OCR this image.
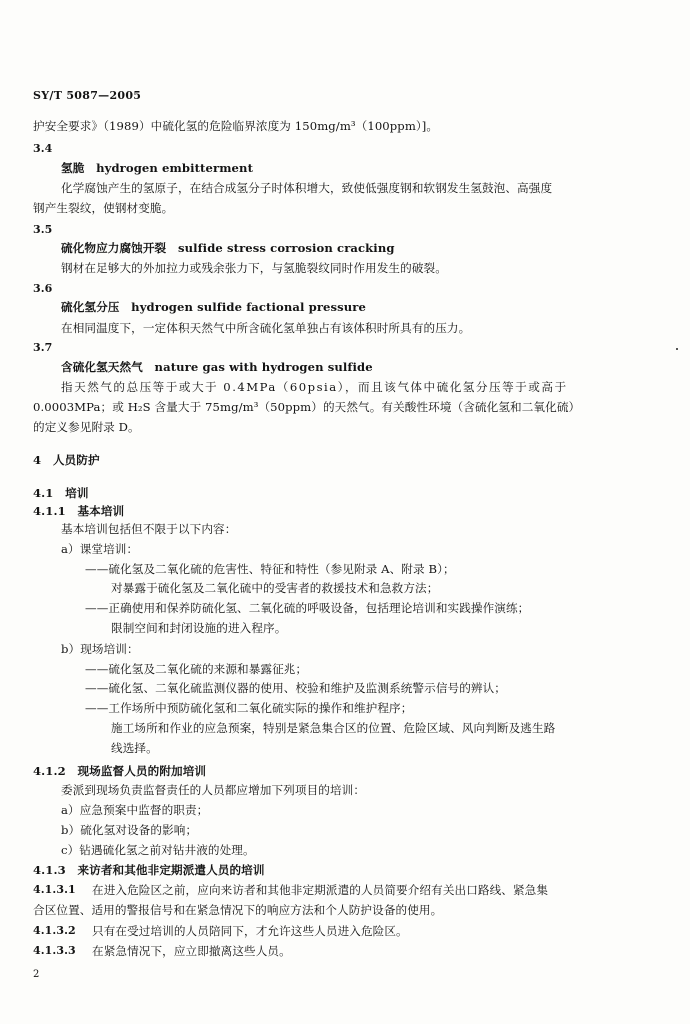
SY/T 5087—2005
护安全要求》（1989）中硫化氢的危险临界浓度为 150mg/m³（100ppm）]。
3.4
氢脆　hydrogen embitterment
化学腐蚀产生的氢原子，在结合成氢分子时体积增大，致使低强度钢和软钢发生氢鼓泡、高强度
钢产生裂纹，使钢材变脆。
3.5
硫化物应力腐蚀开裂　sulfide stress corrosion cracking
钢材在足够大的外加拉力或残余张力下，与氢脆裂纹同时作用发生的破裂。
3.6
硫化氢分压　hydrogen sulfide factional pressure
在相同温度下，一定体积天然气中所含硫化氢单独占有该体积时所具有的压力。
3.7
含硫化氢天然气　nature gas with hydrogen sulfide
指天然气的总压等于或大于 0.4MPa（60psia），而且该气体中硫化氢分压等于或高于
0.0003MPa；或 H₂S 含量大于 75mg/m³（50ppm）的天然气。有关酸性环境（含硫化氢和二氧化硫）
的定义参见附录 D。
4　人员防护
4.1　培训
4.1.1　基本培训
基本培训包括但不限于以下内容：
a）课堂培训：
——硫化氢及二氧化硫的危害性、特征和特性（参见附录 A、附录 B）；
对暴露于硫化氢及二氧化硫中的受害者的救援技术和急救方法；
——正确使用和保养防硫化氢、二氧化硫的呼吸设备，包括理论培训和实践操作演练；
限制空间和封闭设施的进入程序。
b）现场培训：
——硫化氢及二氧化硫的来源和暴露征兆；
——硫化氢、二氧化硫监测仪器的使用、校验和维护及监测系统警示信号的辨认；
——工作场所中预防硫化氢和二氧化硫实际的操作和维护程序；
施工场所和作业的应急预案，特别是紧急集合区的位置、危险区域、风向判断及逃生路
线选择。
4.1.2　现场监督人员的附加培训
委派到现场负责监督责任的人员都应增加下列项目的培训：
a）应急预案中监督的职责；
b）硫化氢对设备的影响；
c）钻遇硫化氢之前对钻井液的处理。
4.1.3　来访者和其他非定期派遣人员的培训
4.1.3.1 在进入危险区之前，应向来访者和其他非定期派遣的人员简要介绍有关出口路线、紧急集
合区位置、适用的警报信号和在紧急情况下的响应方法和个人防护设备的使用。
4.1.3.2 只有在受过培训的人员陪同下，才允许这些人员进入危险区。
4.1.3.3 在紧急情况下，应立即撤离这些人员。
2
